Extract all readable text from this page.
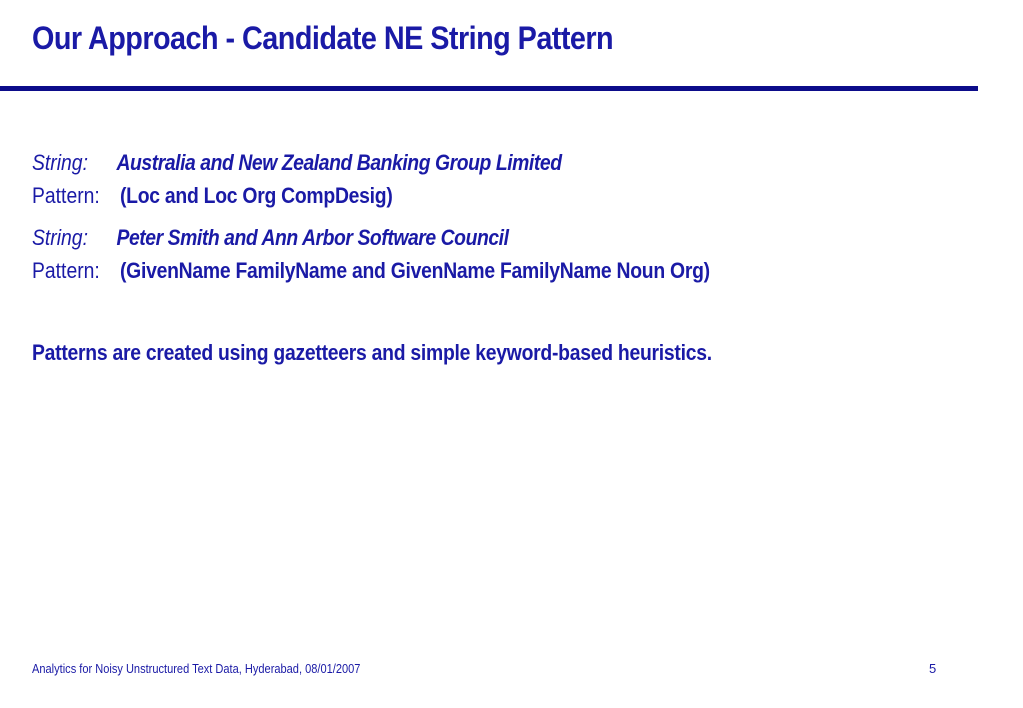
Our Approach - Candidate NE String Pattern
String: Australia and New Zealand Banking Group Limited
Pattern: (Loc and Loc Org CompDesig)
String: Peter Smith and Ann Arbor Software Council
Pattern: (GivenName FamilyName and GivenName FamilyName Noun Org)
Patterns are created using gazetteers and simple keyword-based heuristics.
Analytics for Noisy Unstructured Text Data, Hyderabad, 08/01/2007	5
